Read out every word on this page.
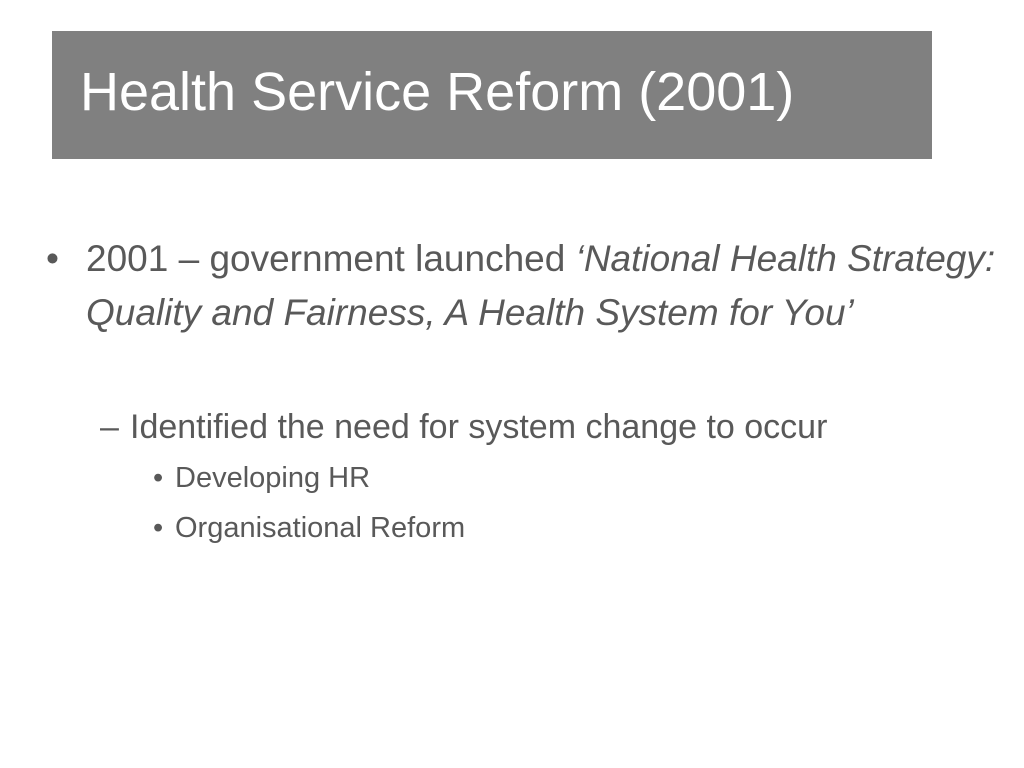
Health Service Reform (2001)
• 2001 – government launched ‘National Health Strategy: Quality and Fairness, A Health System for You’
– Identified the need for system change to occur
• Developing HR
• Organisational Reform
